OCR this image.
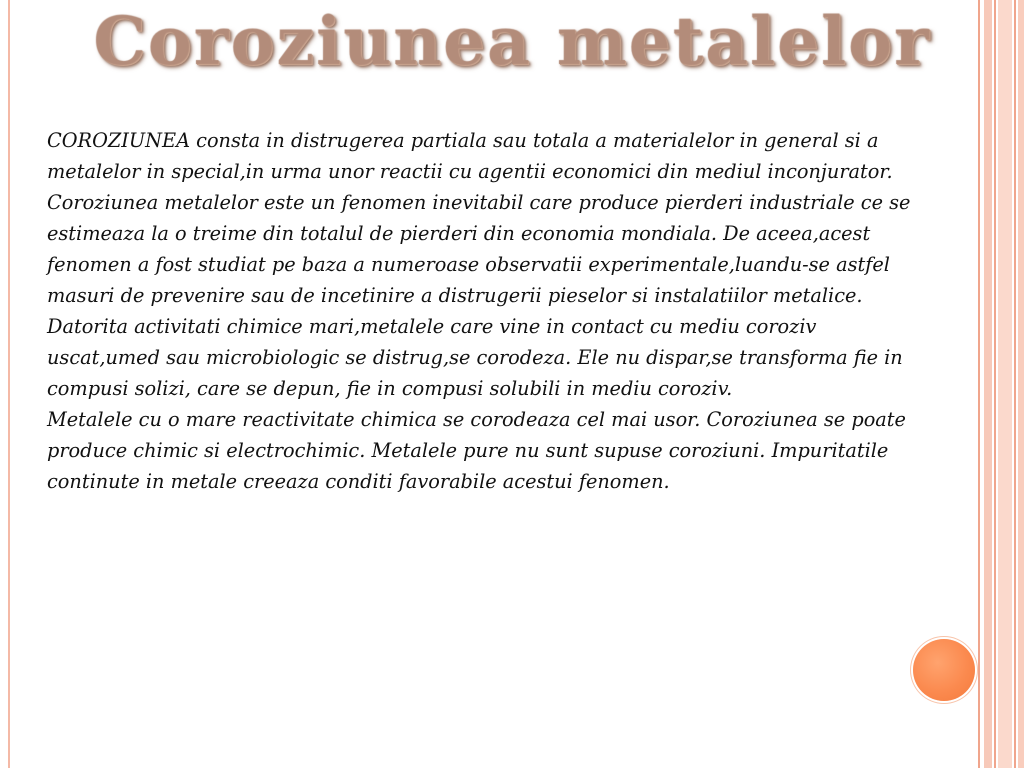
Coroziunea metalelor

COROZIUNEA consta in distrugerea partiala sau totala a materialelor in general si a metalelor in special,in urma unor reactii cu agentii economici din mediul inconjurator. Coroziunea metalelor este un fenomen inevitabil care produce pierderi industriale ce se estimeaza la o treime din totalul de pierderi din economia mondiala. De aceea,acest fenomen a fost studiat pe baza a numeroase observatii experimentale,luandu-se astfel masuri de prevenire sau de incetinire a distrugerii pieselor si instalatiilor metalice. Datorita activitati chimice mari,metalele care vine in contact cu mediu coroziv uscat,umed sau microbiologic se distrug,se corodeza. Ele nu dispar,se transforma fie in compusi solizi, care se depun, fie in compusi solubili in mediu coroziv.

Metalele cu o mare reactivitate chimica se corodeaza cel mai usor. Coroziunea se poate produce chimic si electrochimic. Metalele pure nu sunt supuse coroziuni. Impuritatile continute in metale creeaza conditi favorabile acestui fenomen.
